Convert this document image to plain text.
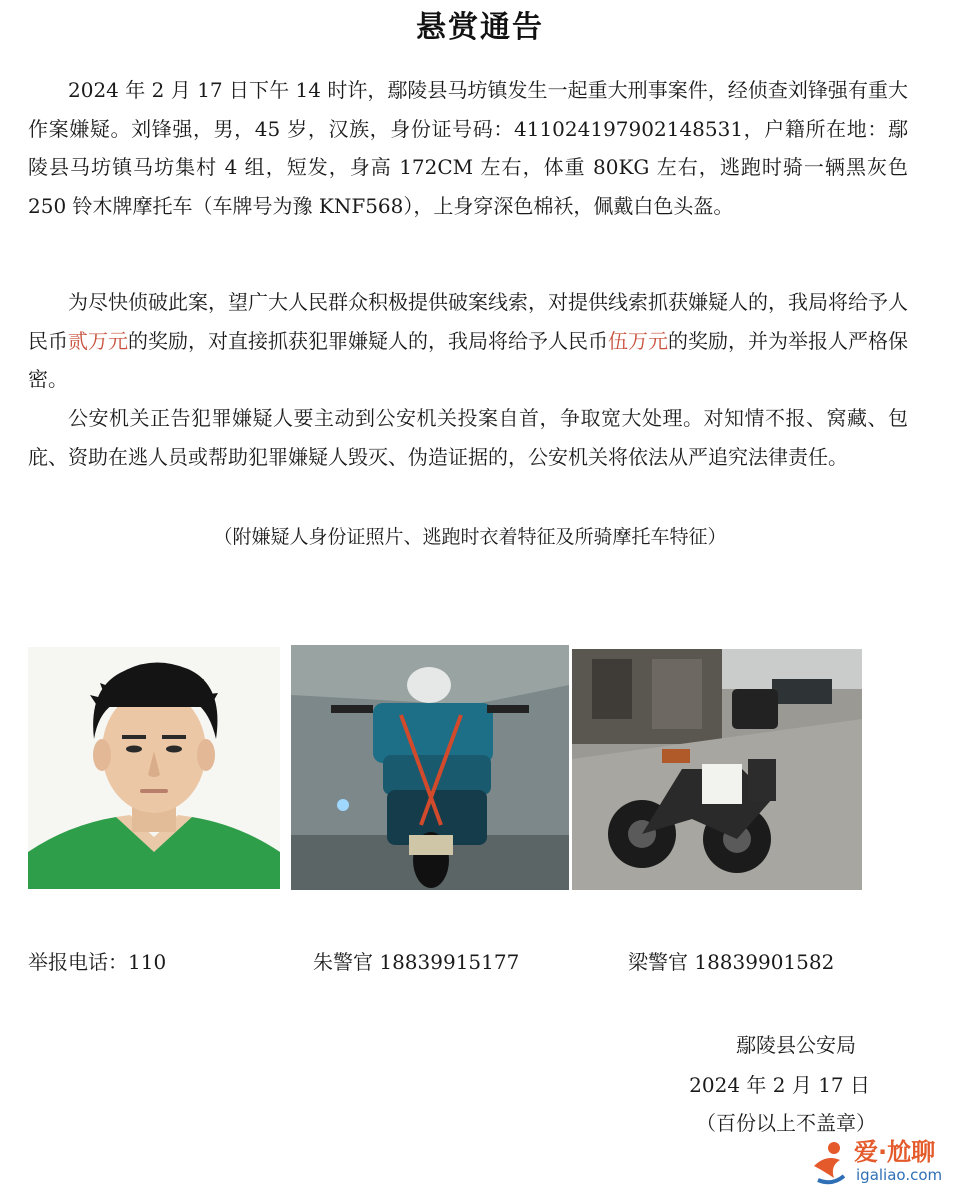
悬赏通告
2024 年 2 月 17 日下午 14 时许，鄢陵县马坊镇发生一起重大刑事案件，经侦查刘锋强有重大作案嫌疑。刘锋强，男，45 岁，汉族，身份证号码：411024197902148531，户籍所在地：鄢陵县马坊镇马坊集村 4 组，短发，身高 172CM 左右，体重 80KG 左右，逃跑时骑一辆黑灰色 250 铃木牌摩托车（车牌号为豫 KNF568），上身穿深色棉袄，佩戴白色头盔。
为尽快侦破此案，望广大人民群众积极提供破案线索，对提供线索抓获嫌疑人的，我局将给予人民币贰万元的奖励，对直接抓获犯罪嫌疑人的，我局将给予人民币伍万元的奖励，并为举报人严格保密。
公安机关正告犯罪嫌疑人要主动到公安机关投案自首，争取宽大处理。对知情不报、窝藏、包庇、资助在逃人员或帮助犯罪嫌疑人毁灭、伪造证据的，公安机关将依法从严追究法律责任。
（附嫌疑人身份证照片、逃跑时衣着特征及所骑摩托车特征）
举报电话：110	朱警官 18839915177	梁警官 18839901582
鄢陵县公安局
2024 年 2 月 17 日
（百份以上不盖章）
爱·尬聊
igaliao.com
